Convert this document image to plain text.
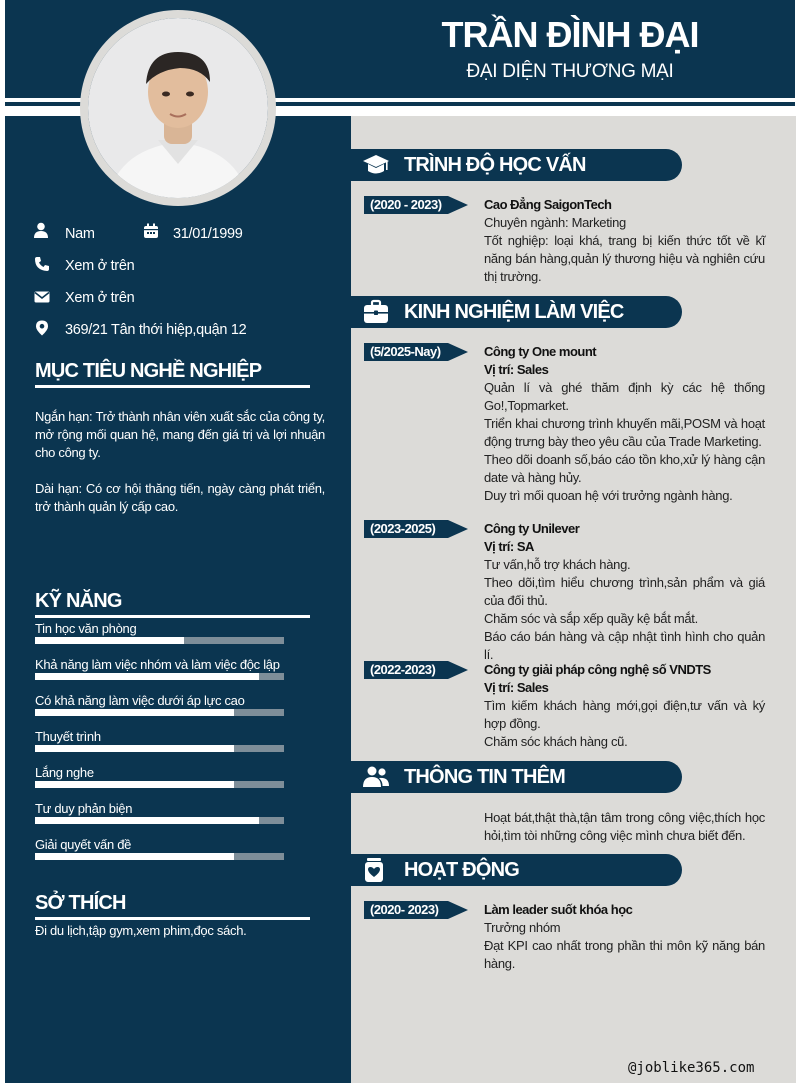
TRẦN ĐÌNH ĐẠI
ĐẠI DIỆN THƯƠNG MẠI
Nam	31/01/1999
Xem ở trên
Xem ở trên
369/21 Tân thới hiệp,quận 12
MỤC TIÊU NGHỀ NGHIỆP
Ngắn hạn: Trở thành nhân viên xuất sắc của công ty, mở rộng mối quan hệ, mang đến giá trị và lợi nhuận cho công ty.
Dài hạn: Có cơ hội thăng tiến, ngày càng phát triển, trở thành quản lý cấp cao.
KỸ NĂNG
Tin học văn phòng
Khả năng làm việc nhóm và làm việc độc lập
Có khả năng làm việc dưới áp lực cao
Thuyết trình
Lắng nghe
Tư duy phản biện
Giải quyết vấn đề
SỞ THÍCH
Đi du lịch,tập gym,xem phim,đọc sách.
TRÌNH ĐỘ HỌC VẤN
(2020 - 2023)	Cao Đẳng SaigonTech
Chuyên ngành: Marketing
Tốt nghiệp: loại khá, trang bị kiến thức tốt về kĩ năng bán hàng,quản lý thương hiệu và nghiên cứu thị trường.
KINH NGHIỆM LÀM VIỆC
(5/2025-Nay)	Công ty One mount
Vị trí: Sales
Quản lí và ghé thăm định kỳ các hệ thống Go!,Topmarket.
Triển khai chương trình khuyến mãi,POSM và hoạt động trưng bày theo yêu cầu của Trade Marketing.
Theo dõi doanh số,báo cáo tồn kho,xử lý hàng cận date và hàng hủy.
Duy trì mối quoan hệ với trưởng ngành hàng.
(2023-2025)	Công ty Unilever
Vị trí: SA
Tư vấn,hỗ trợ khách hàng.
Theo dõi,tìm hiểu chương trình,sản phẩm và giá của đối thủ.
Chăm sóc và sắp xếp quầy kệ bắt mắt.
Báo cáo bán hàng và cập nhật tình hình cho quản lí.
(2022-2023)	Công ty giải pháp công nghệ số VNDTS
Vị trí: Sales
Tìm kiếm khách hàng mới,gọi điện,tư vấn và ký hợp đồng.
Chăm sóc khách hàng cũ.
THÔNG TIN THÊM
Hoạt bát,thật thà,tận tâm trong công việc,thích học hỏi,tìm tòi những công việc mình chưa biết đến.
HOẠT ĐỘNG
(2020- 2023)	Làm leader suốt khóa học
Trưởng nhóm
Đạt KPI cao nhất trong phần thi môn kỹ năng bán hàng.
@joblike365.com
